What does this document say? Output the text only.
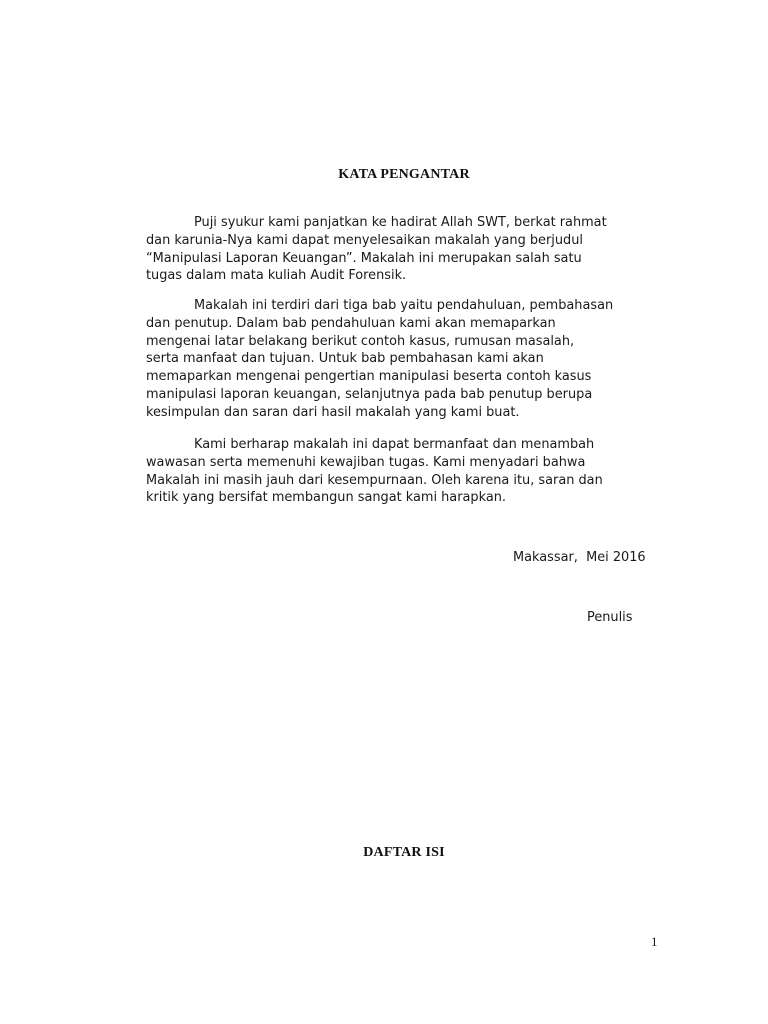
KATA PENGANTAR
Puji syukur kami panjatkan ke hadirat Allah SWT, berkat rahmat
dan karunia-Nya kami dapat menyelesaikan makalah yang berjudul
“Manipulasi Laporan Keuangan”. Makalah ini merupakan salah satu
tugas dalam mata kuliah Audit Forensik.
Makalah ini terdiri dari tiga bab yaitu pendahuluan, pembahasan
dan penutup. Dalam bab pendahuluan kami akan memaparkan
mengenai latar belakang berikut contoh kasus, rumusan masalah,
serta manfaat dan tujuan. Untuk bab pembahasan kami akan
memaparkan mengenai pengertian manipulasi beserta contoh kasus
manipulasi laporan keuangan, selanjutnya pada bab penutup berupa
kesimpulan dan saran dari hasil makalah yang kami buat.
Kami berharap makalah ini dapat bermanfaat dan menambah
wawasan serta memenuhi kewajiban tugas. Kami menyadari bahwa
Makalah ini masih jauh dari kesempurnaan. Oleh karena itu, saran dan
kritik yang bersifat membangun sangat kami harapkan.
Makassar,  Mei 2016
Penulis
DAFTAR ISI
1
